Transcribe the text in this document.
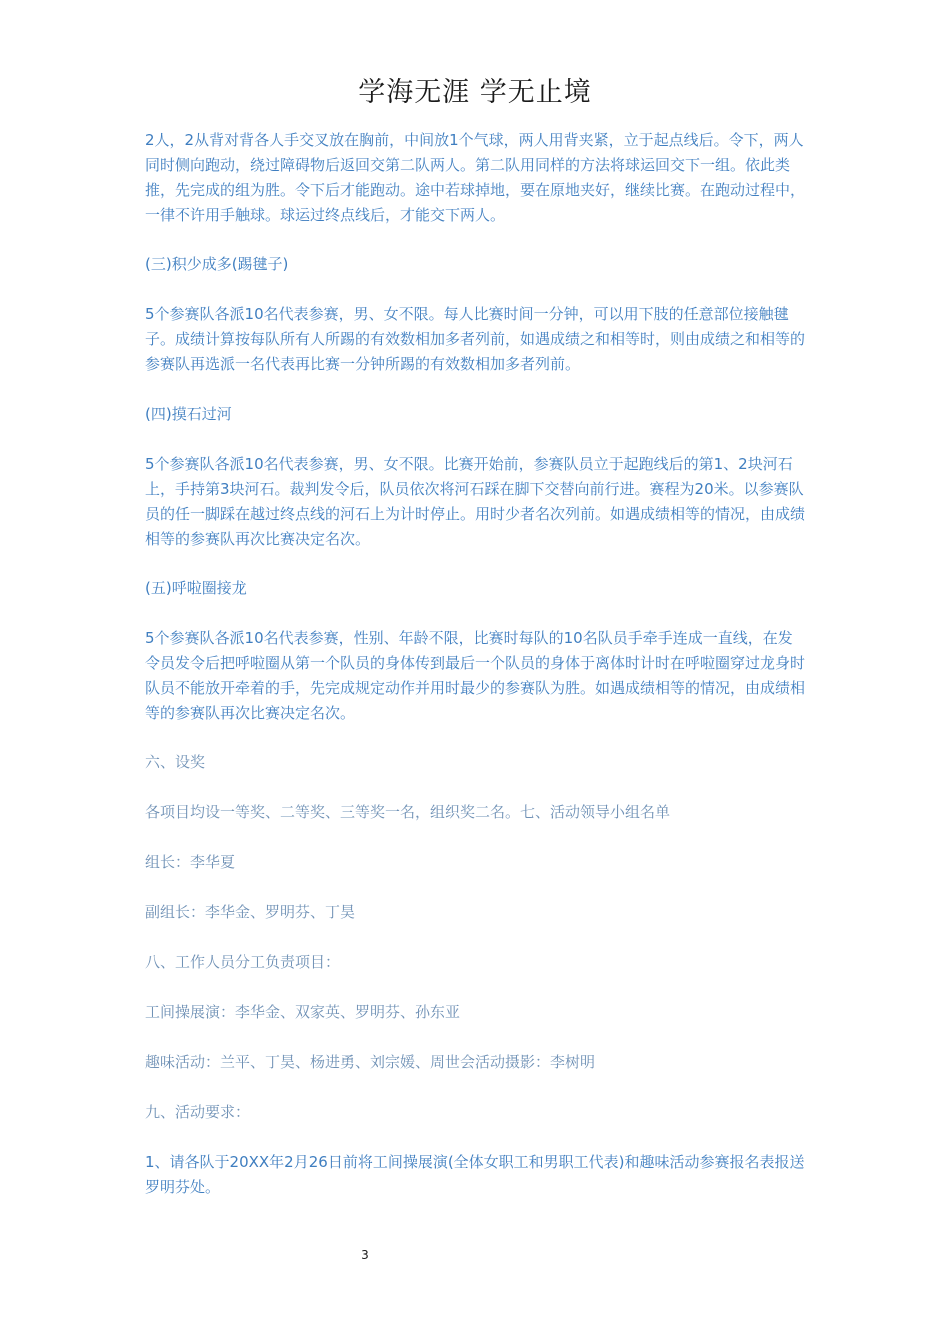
学海无涯 学无止境

2人，2从背对背各人手交叉放在胸前，中间放1个气球，两人用背夹紧，立于起点线后。令下，两人同时侧向跑动，绕过障碍物后返回交第二队两人。第二队用同样的方法将球运回交下一组。依此类推，先完成的组为胜。令下后才能跑动。途中若球掉地，要在原地夹好，继续比赛。在跑动过程中，一律不许用手触球。球运过终点线后，才能交下两人。

(三)积少成多(踢毽子)

5个参赛队各派10名代表参赛，男、女不限。每人比赛时间一分钟，可以用下肢的任意部位接触毽子。成绩计算按每队所有人所踢的有效数相加多者列前，如遇成绩之和相等时，则由成绩之和相等的参赛队再选派一名代表再比赛一分钟所踢的有效数相加多者列前。

(四)摸石过河

5个参赛队各派10名代表参赛，男、女不限。比赛开始前，参赛队员立于起跑线后的第1、2块河石上，手持第3块河石。裁判发令后，队员依次将河石踩在脚下交替向前行进。赛程为20米。以参赛队员的任一脚踩在越过终点线的河石上为计时停止。用时少者名次列前。如遇成绩相等的情况，由成绩相等的参赛队再次比赛决定名次。

(五)呼啦圈接龙

5个参赛队各派10名代表参赛，性别、年龄不限，比赛时每队的10名队员手牵手连成一直线，在发令员发令后把呼啦圈从第一个队员的身体传到最后一个队员的身体于离体时计时在呼啦圈穿过龙身时队员不能放开牵着的手，先完成规定动作并用时最少的参赛队为胜。如遇成绩相等的情况，由成绩相等的参赛队再次比赛决定名次。

六、设奖

各项目均设一等奖、二等奖、三等奖一名，组织奖二名。七、活动领导小组名单

组长：李华夏

副组长：李华金、罗明芬、丁昊

八、工作人员分工负责项目：

工间操展演：李华金、双家英、罗明芬、孙东亚

趣味活动：兰平、丁昊、杨进勇、刘宗媛、周世会活动摄影：李树明

九、活动要求：

1、请各队于20XX年2月26日前将工间操展演(全体女职工和男职工代表)和趣味活动参赛报名表报送罗明芬处。

3
